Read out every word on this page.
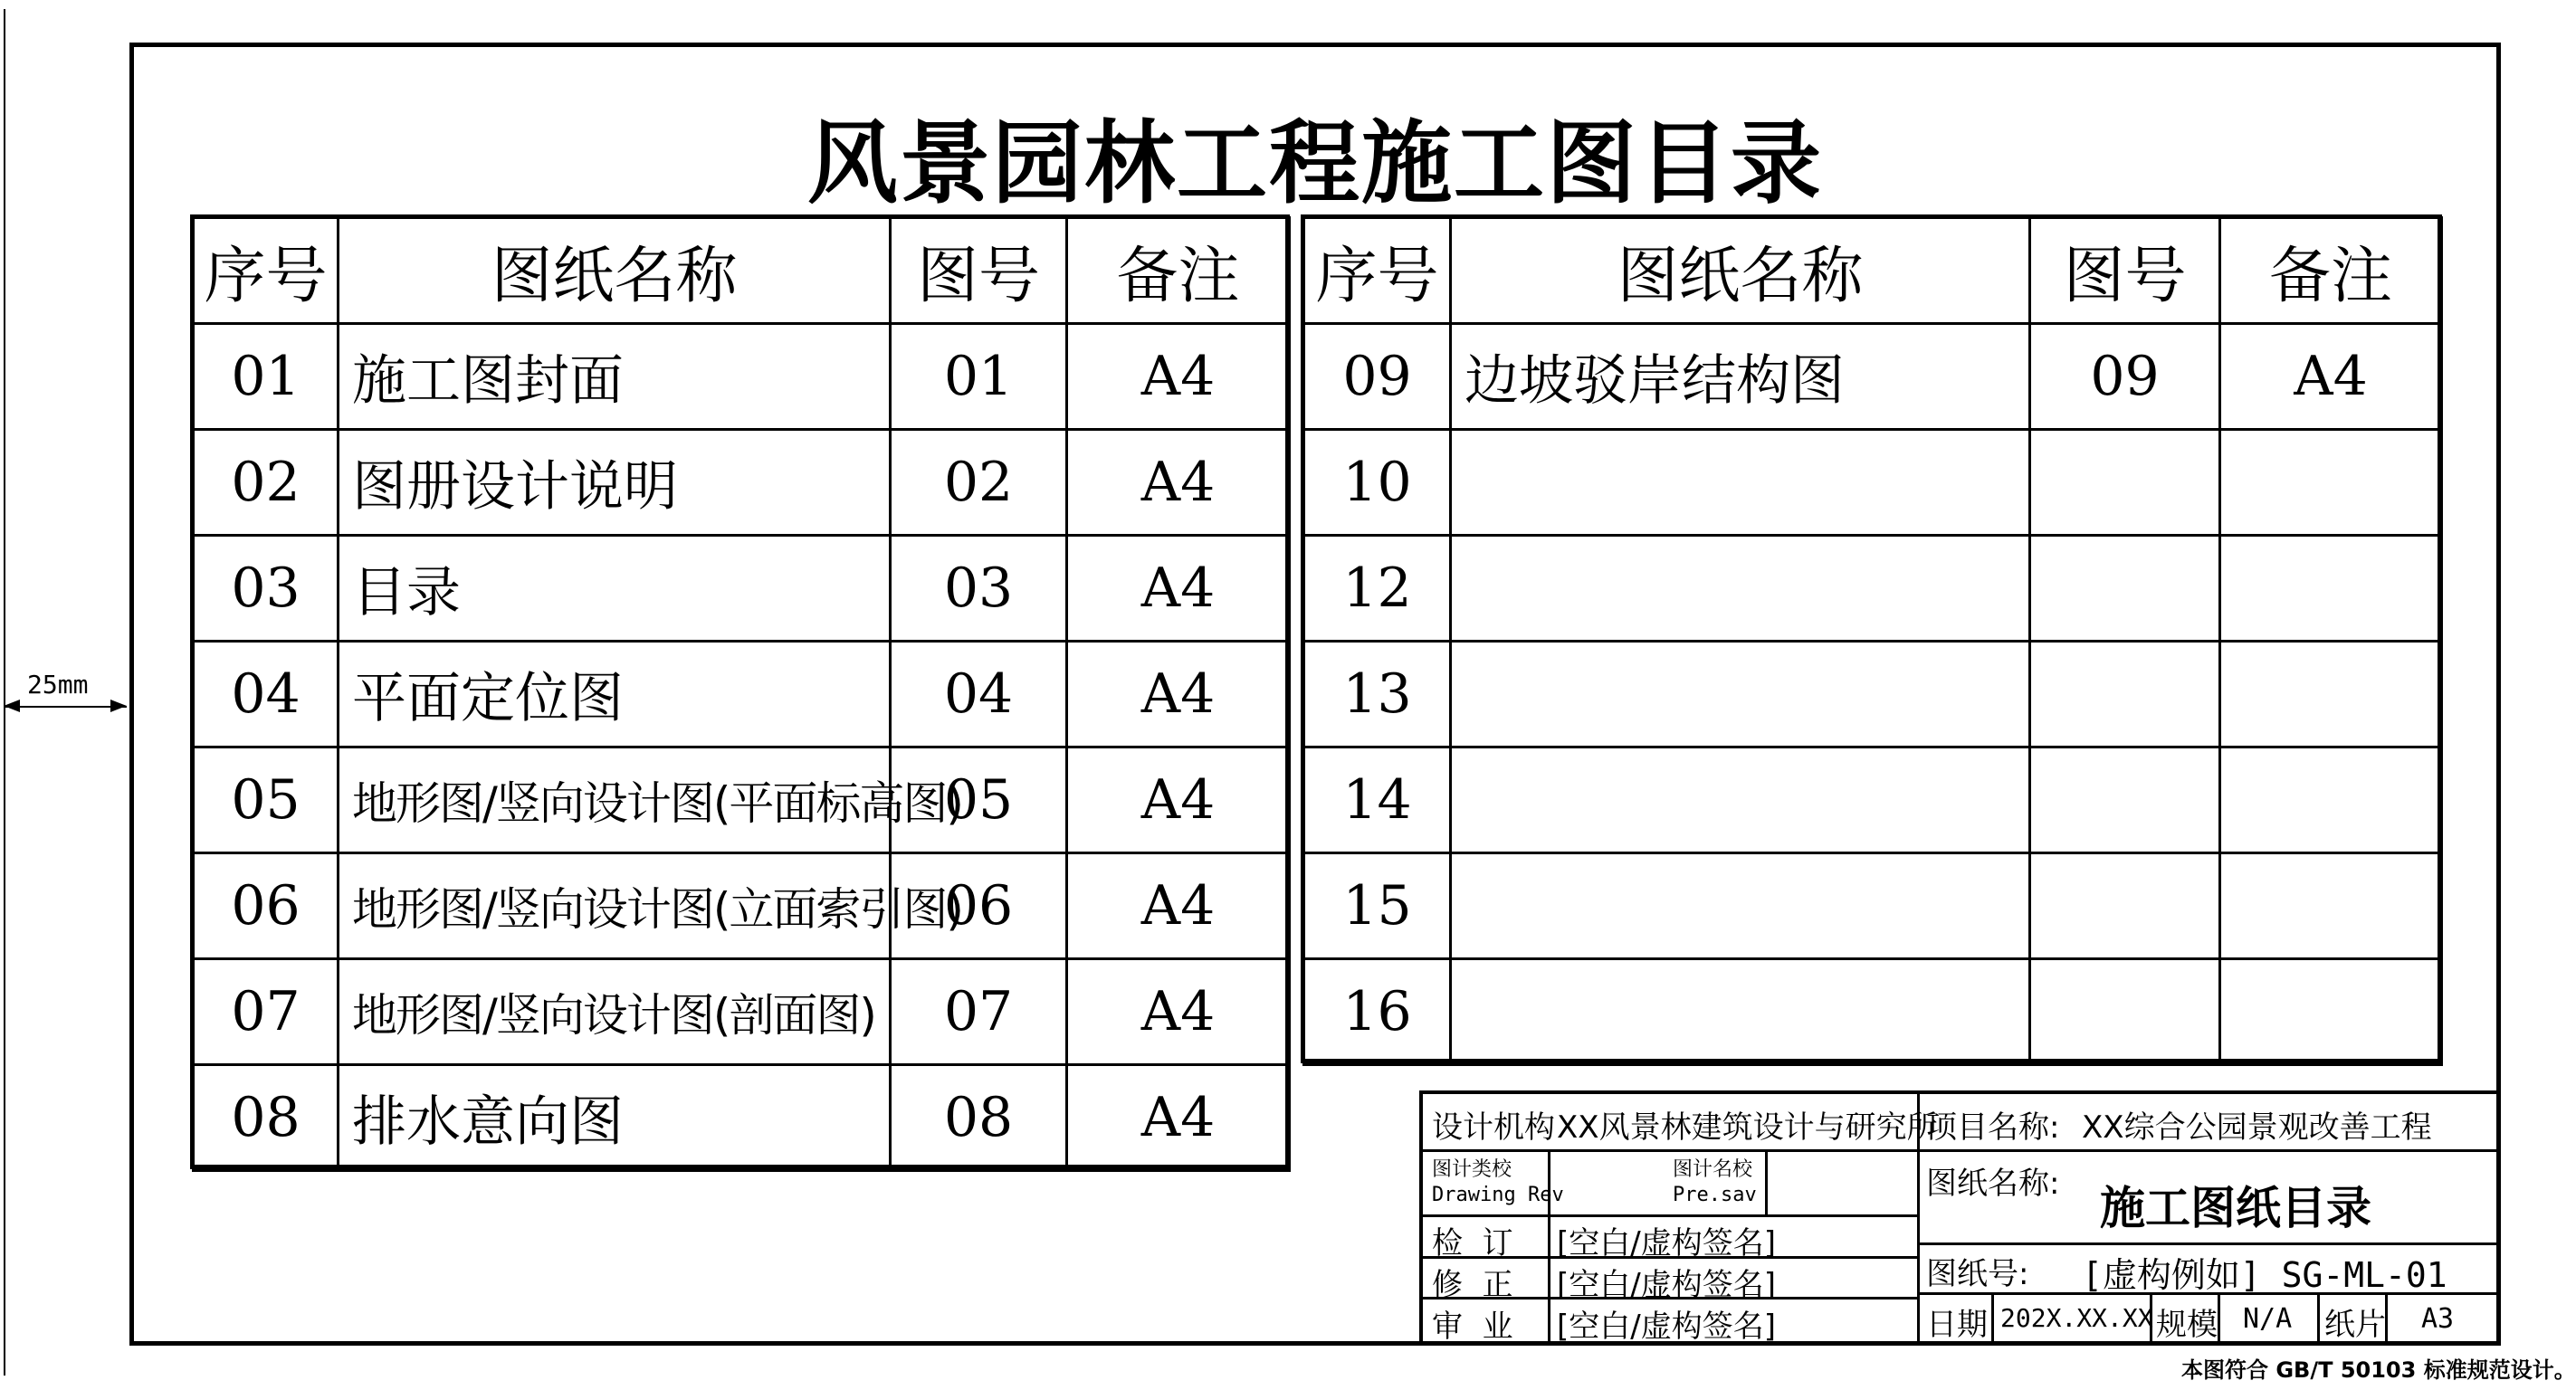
25mm
风景园林工程施工图目录
序号	图纸名称	图号	备注
01	施工图封面	01	A4
02	图册设计说明	02	A4
03	目录	03	A4
04	平面定位图	04	A4
05	地形图/竖向设计图(平面标高图)	05	A4
06	地形图/竖向设计图(立面索引图)	06	A4
07	地形图/竖向设计图(剖面图)	07	A4
08	排水意向图	08	A4
序号	图纸名称	图号	备注
09	边坡驳岸结构图	09	A4
10			
12			
13			
14			
15			
16			
设计机构 XX风景林建筑设计与研究所
项目名称: XX综合公园景观改善工程
图计类校
Drawing Rev
图计名校
Pre.sav
检  订 [空白/虚构签名]
修  正 [空白/虚构签名]
审  业 [空白/虚构签名]
图纸名称: 施工图纸目录
图纸号: [虚构例如] SG-ML-01
日期 202X.XX.XX 规模 N/A 纸片 A3
本图符合 GB/T 50103 标准规范设计。
